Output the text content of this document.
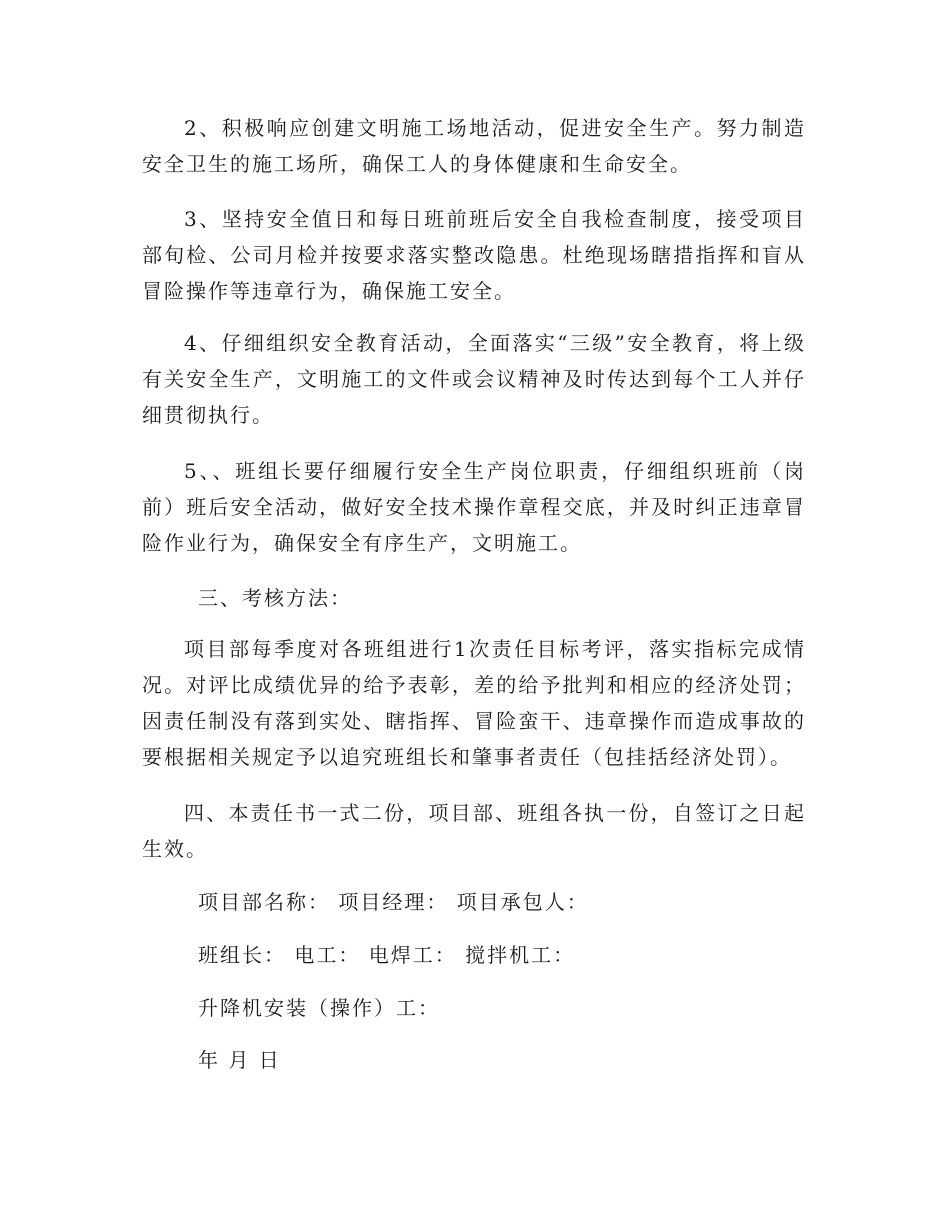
2、积极响应创建文明施工场地活动，促进安全生产。努力制造安全卫生的施工场所，确保工人的身体健康和生命安全。

3、坚持安全值日和每日班前班后安全自我检查制度，接受项目部旬检、公司月检并按要求落实整改隐患。杜绝现场瞎措指挥和盲从冒险操作等违章行为，确保施工安全。

4、仔细组织安全教育活动，全面落实“三级”安全教育，将上级有关安全生产，文明施工的文件或会议精神及时传达到每个工人并仔细贯彻执行。

5、、班组长要仔细履行安全生产岗位职责，仔细组织班前（岗前）班后安全活动，做好安全技术操作章程交底，并及时纠正违章冒险作业行为，确保安全有序生产，文明施工。

三、考核方法：

项目部每季度对各班组进行1次责任目标考评，落实指标完成情况。对评比成绩优异的给予表彰，差的给予批判和相应的经济处罚；因责任制没有落到实处、瞎指挥、冒险蛮干、违章操作而造成事故的要根据相关规定予以追究班组长和肇事者责任（包挂括经济处罚）。

四、本责任书一式二份，项目部、班组各执一份，自签订之日起生效。

项目部名称： 项目经理： 项目承包人：

班组长： 电工： 电焊工： 搅拌机工：

升降机安装（操作）工：

年 月 日
